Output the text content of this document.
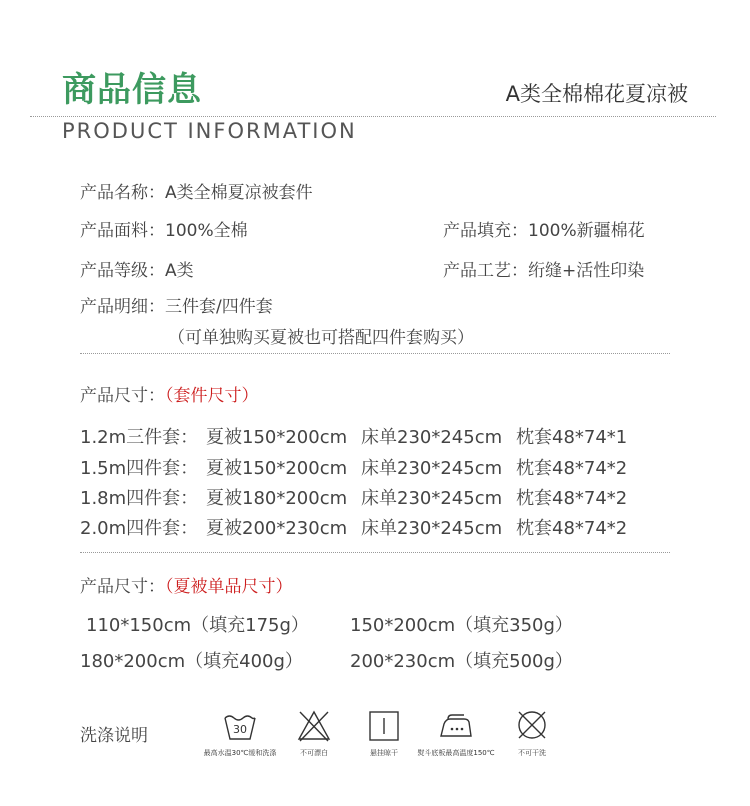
商品信息	A类全棉棉花夏凉被
PRODUCT INFORMATION
产品名称：A类全棉夏凉被套件
产品面料：100%全棉	产品填充：100%新疆棉花
产品等级：A类	产品工艺：绗缝+活性印染
产品明细：三件套/四件套
（可单独购买夏被也可搭配四件套购买）
产品尺寸：（套件尺寸）
1.2m三件套： 夏被150*200cm 床单230*245cm 枕套48*74*1
1.5m四件套： 夏被150*200cm 床单230*245cm 枕套48*74*2
1.8m四件套： 夏被180*200cm 床单230*245cm 枕套48*74*2
2.0m四件套： 夏被200*230cm 床单230*245cm 枕套48*74*2
产品尺寸：（夏被单品尺寸）
110*150cm（填充175g） 150*200cm（填充350g）
180*200cm（填充400g）	200*230cm（填充500g）
洗涤说明	30
最高水温30℃缓和洗涤	不可漂白	悬挂晾干	熨斗底板最高温度150℃	不可干洗
